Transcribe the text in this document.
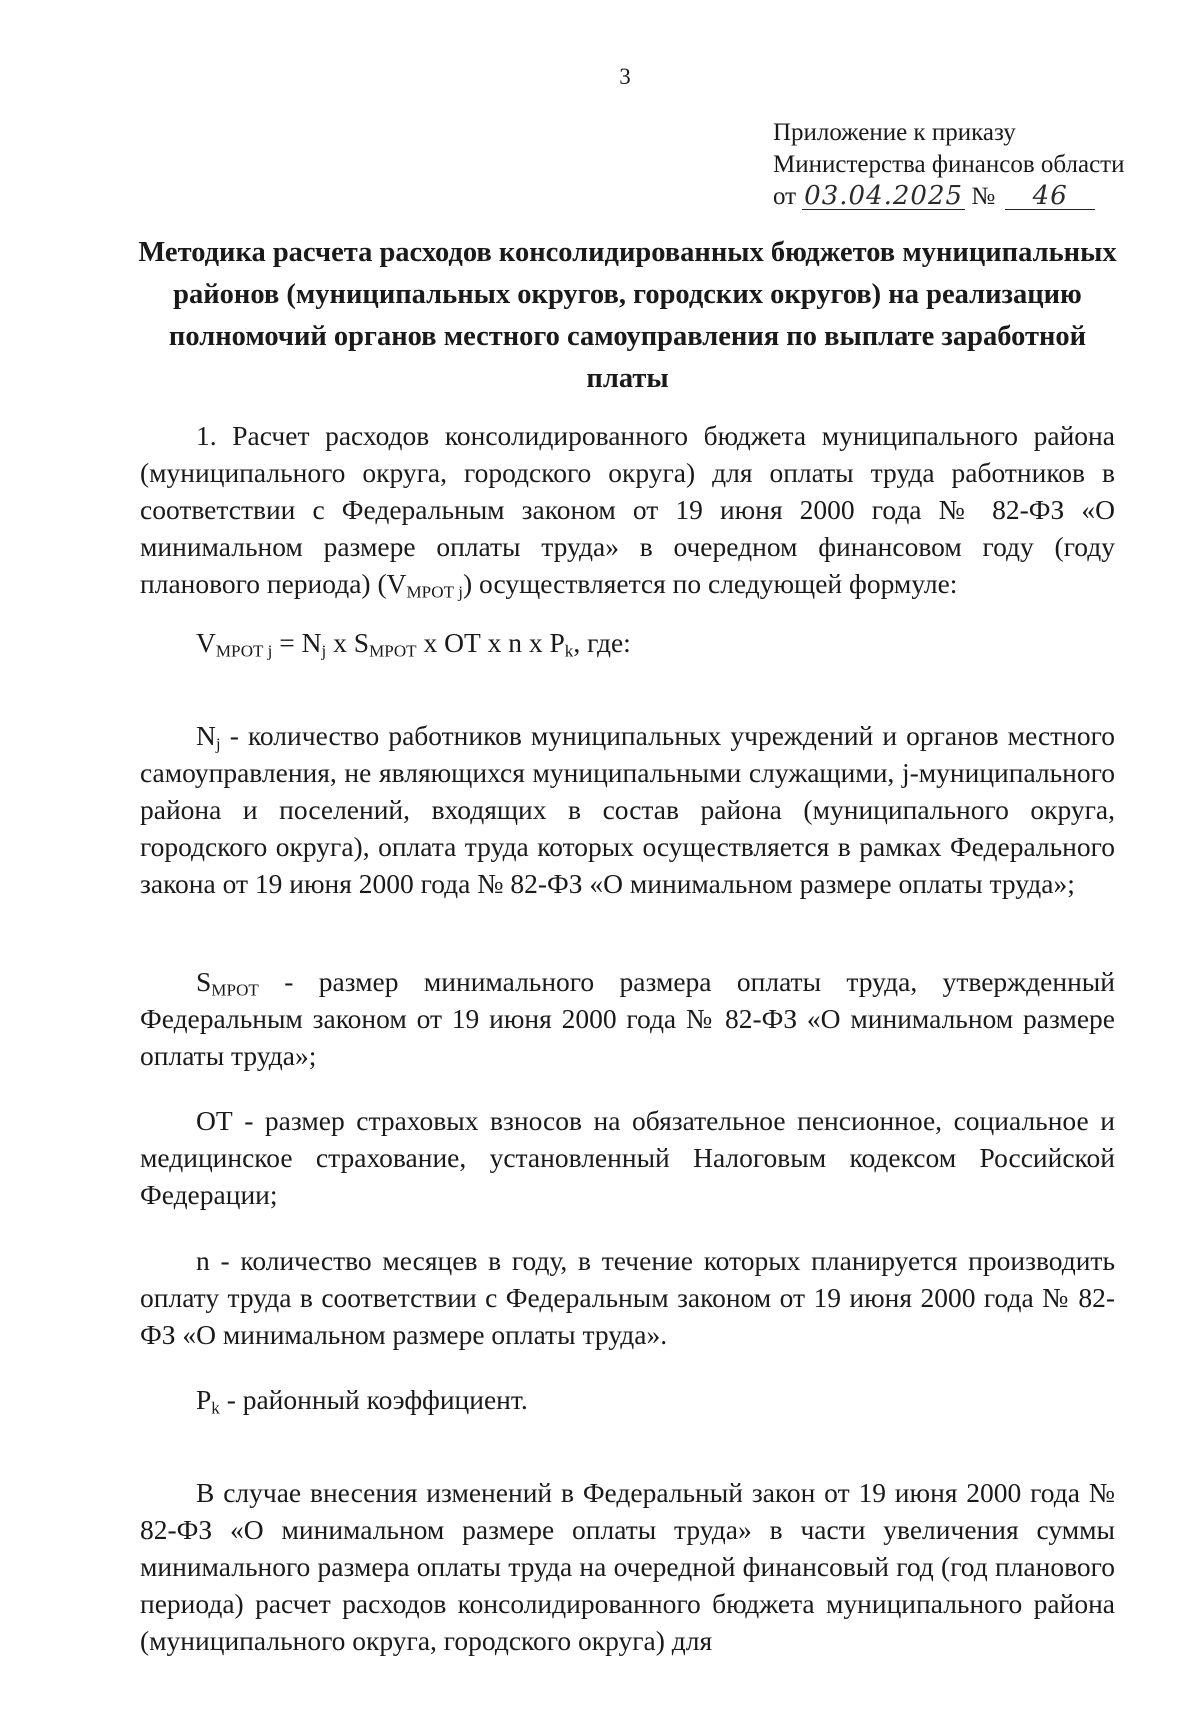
3
Приложение к приказу
Министерства финансов области
от 03.04.2025 № 46
Методика расчета расходов консолидированных бюджетов муниципальных районов (муниципальных округов, городских округов) на реализацию полномочий органов местного самоуправления по выплате заработной платы
1. Расчет расходов консолидированного бюджета муниципального района (муниципального округа, городского округа) для оплаты труда работников в соответствии с Федеральным законом от 19 июня 2000 года № 82-ФЗ «О минимальном размере оплаты труда» в очередном финансовом году (году планового периода) $(V_{МРОТ j})$ осуществляется по следующей формуле:
$V_{МРОТ j} = N_j$ x $S_{МРОТ}$ x ОТ x n x $P_k$, где:
$N_j$ - количество работников муниципальных учреждений и органов местного самоуправления, не являющихся муниципальными служащими, j-муниципального района и поселений, входящих в состав района (муниципального округа, городского округа), оплата труда которых осуществляется в рамках Федерального закона от 19 июня 2000 года № 82-ФЗ «О минимальном размере оплаты труда»;
$S_{МРОТ}$ - размер минимального размера оплаты труда, утвержденный Федеральным законом от 19 июня 2000 года № 82-ФЗ «О минимальном размере оплаты труда»;
ОТ - размер страховых взносов на обязательное пенсионное, социальное и медицинское страхование, установленный Налоговым кодексом Российской Федерации;
n - количество месяцев в году, в течение которых планируется производить оплату труда в соответствии с Федеральным законом от 19 июня 2000 года № 82-ФЗ «О минимальном размере оплаты труда».
$P_k$ - районный коэффициент.
В случае внесения изменений в Федеральный закон от 19 июня 2000 года № 82-ФЗ «О минимальном размере оплаты труда» в части увеличения суммы минимального размера оплаты труда на очередной финансовый год (год планового периода) расчет расходов консолидированного бюджета муниципального района (муниципального округа, городского округа) для
